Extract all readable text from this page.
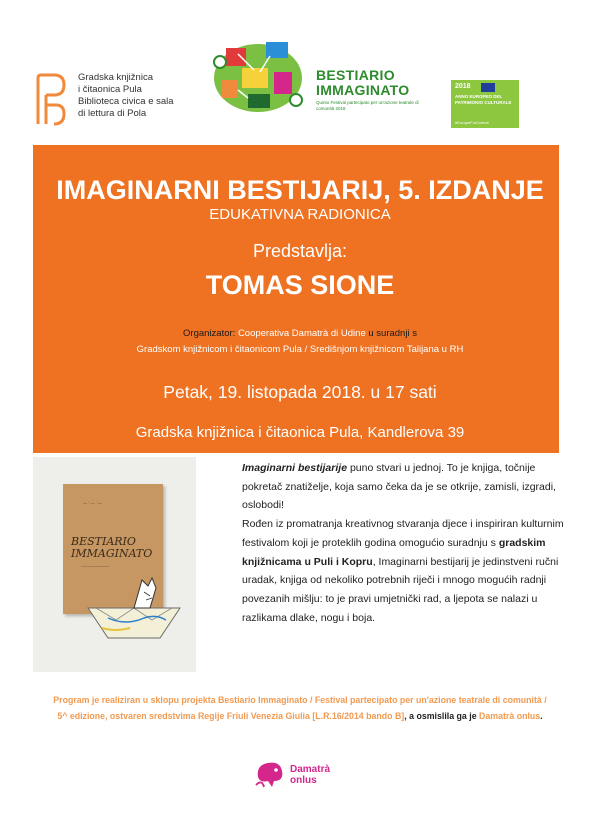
Gradska knjižnica
i čitaonica Pula
Biblioteca civica e sala
di lettura di Pola
BESTIARIO
IMMAGINATO
Quinto Festival partecipato per un'azione teatrale di comunità 2018
2018
ANNO EUROPEO DEL PATRIMONIO CULTURALE
#EuropeForCulture
IMAGINARNI BESTIJARIJ, 5. IZDANJE
EDUKATIVNA RADIONICA
Predstavlja:
TOMAS SIONE
Organizator: Cooperativa Damatrà di Udine u suradnji s
Gradskom knjižnicom i čitaonicom Pula / Središnjom knjižnicom Talijana u RH
Petak, 19. listopada 2018. u 17 sati
Gradska knjižnica i čitaonica Pula, Kandlerova 39
— · — · —
BESTIARIO
IMMAGINATO
~~~~~~~~~~~~

Imaginarni bestijarije puno stvari u jednoj. To je knjiga, točnije pokretač znatiželje, koja samo čeka da je se otkrije, zamisli, izgradi, oslobodi!

Rođen iz promatranja kreativnog stvaranja djece i inspiriran kulturnim festivalom koji je proteklih godina omogućio suradnju s gradskim knjižnicama u Puli i Kopru, Imaginarni bestijarij je jedinstveni ručni uradak, knjiga od nekoliko potrebnih riječi i mnogo mogućih radnji povezanih mišlju: to je pravi umjetnički rad, a ljepota se nalazi u razlikama dlake, nogu i boja.

Program je realiziran u sklopu projekta Bestiario Immaginato / Festival partecipato per un'azione teatrale di comunità /
5^ edizione, ostvaren sredstvima Regije Friuli Venezia Giulia [L.R.16/2014 bando B], a osmislila ga je Damatrà onlus.
Damatrà
onlus
